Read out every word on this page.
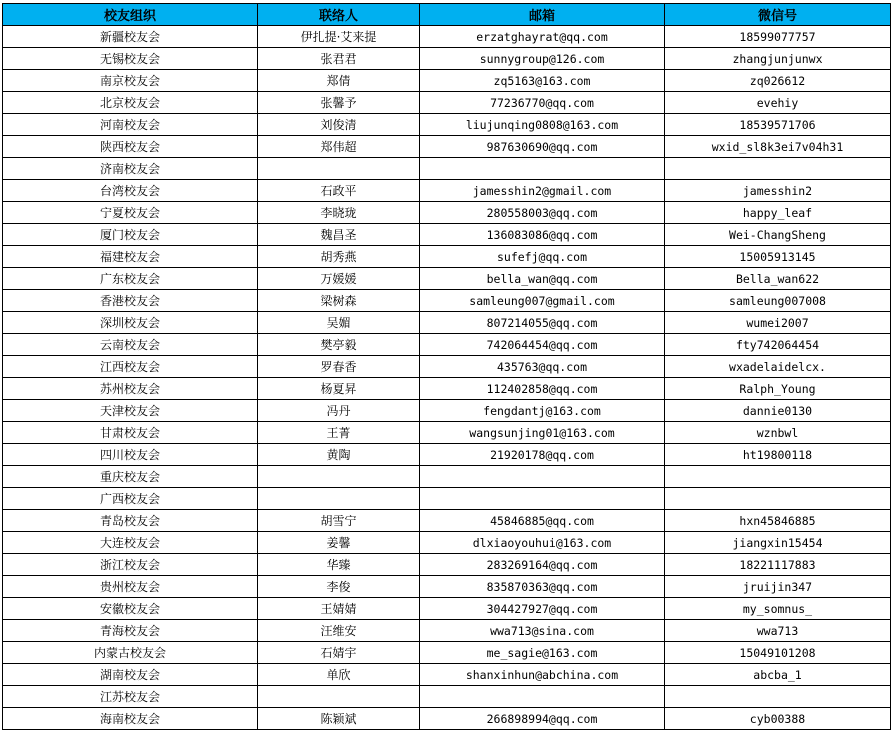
校友组织	联络人	邮箱	微信号
新疆校友会	伊扎提·艾来提	erzatghayrat@qq.com	18599077757
无锡校友会	张君君	sunnygroup@126.com	zhangjunjunwx
南京校友会	郑倩	zq5163@163.com	zq026612
北京校友会	张馨予	77236770@qq.com	evehiy
河南校友会	刘俊清	liujunqing0808@163.com	18539571706
陕西校友会	郑伟超	987630690@qq.com	wxid_sl8k3ei7v04h31
济南校友会			
台湾校友会	石政平	jamesshin2@gmail.com	jamesshin2
宁夏校友会	李晓珑	280558003@qq.com	happy_leaf
厦门校友会	魏昌圣	136083086@qq.com	Wei-ChangSheng
福建校友会	胡秀燕	sufefj@qq.com	15005913145
广东校友会	万媛媛	bella_wan@qq.com	Bella_wan622
香港校友会	梁树森	samleung007@gmail.com	samleung007008
深圳校友会	吴媚	807214055@qq.com	wumei2007
云南校友会	樊亭毅	742064454@qq.com	fty742064454
江西校友会	罗春香	435763@qq.com	wxadelaidelcx.
苏州校友会	杨夏昇	112402858@qq.com	Ralph_Young
天津校友会	冯丹	fengdantj@163.com	dannie0130
甘肃校友会	王菁	wangsunjing01@163.com	wznbwl
四川校友会	黄陶	21920178@qq.com	ht19800118
重庆校友会			
广西校友会			
青岛校友会	胡雪宁	45846885@qq.com	hxn45846885
大连校友会	姜馨	dlxiaoyouhui@163.com	jiangxin15454
浙江校友会	华臻	283269164@qq.com	18221117883
贵州校友会	李俊	835870363@qq.com	jruijin347
安徽校友会	王婧婧	304427927@qq.com	my_somnus_
青海校友会	汪维安	wwa713@sina.com	wwa713
内蒙古校友会	石婧宇	me_sagie@163.com	15049101208
湖南校友会	单欣	shanxinhun@abchina.com	abcba_1
江苏校友会			
海南校友会	陈颖斌	266898994@qq.com	cyb00388
